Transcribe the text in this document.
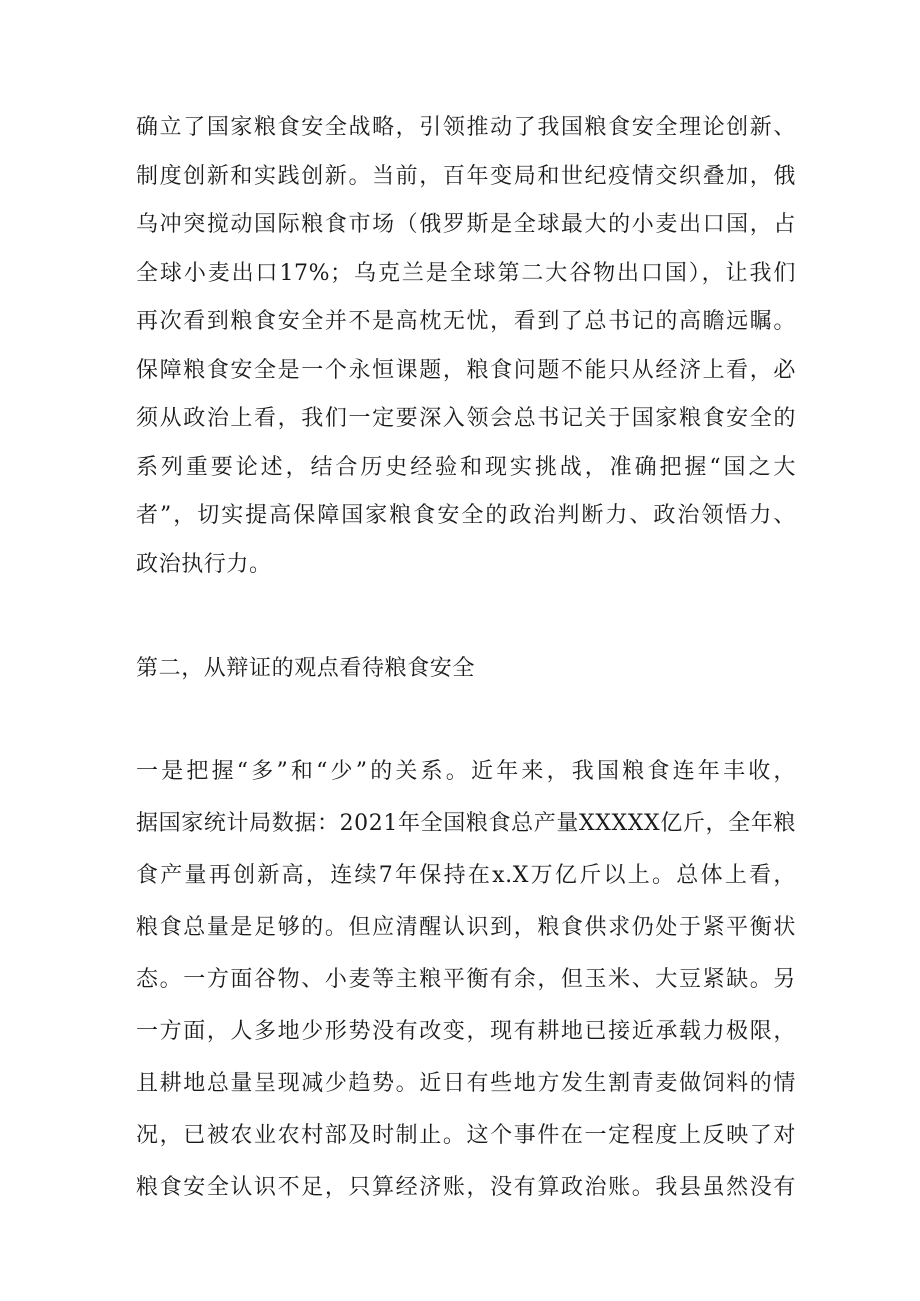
确立了国家粮食安全战略，引领推动了我国粮食安全理论创新、
制度创新和实践创新。当前，百年变局和世纪疫情交织叠加，俄
乌冲突搅动国际粮食市场（俄罗斯是全球最大的小麦出口国，占
全球小麦出口17%；乌克兰是全球第二大谷物出口国），让我们
再次看到粮食安全并不是高枕无忧，看到了总书记的高瞻远瞩。
保障粮食安全是一个永恒课题，粮食问题不能只从经济上看，必
须从政治上看，我们一定要深入领会总书记关于国家粮食安全的
系列重要论述，结合历史经验和现实挑战，准确把握“国之大
者”，切实提高保障国家粮食安全的政治判断力、政治领悟力、
政治执行力。
第二，从辩证的观点看待粮食安全
一是把握“多”和“少”的关系。近年来，我国粮食连年丰收，
据国家统计局数据：2021年全国粮食总产量XXXXX亿斤，全年粮
食产量再创新高，连续7年保持在x.X万亿斤以上。总体上看，
粮食总量是足够的。但应清醒认识到，粮食供求仍处于紧平衡状
态。一方面谷物、小麦等主粮平衡有余，但玉米、大豆紧缺。另
一方面，人多地少形势没有改变，现有耕地已接近承载力极限，
且耕地总量呈现减少趋势。近日有些地方发生割青麦做饲料的情
况，已被农业农村部及时制止。这个事件在一定程度上反映了对
粮食安全认识不足，只算经济账，没有算政治账。我县虽然没有
